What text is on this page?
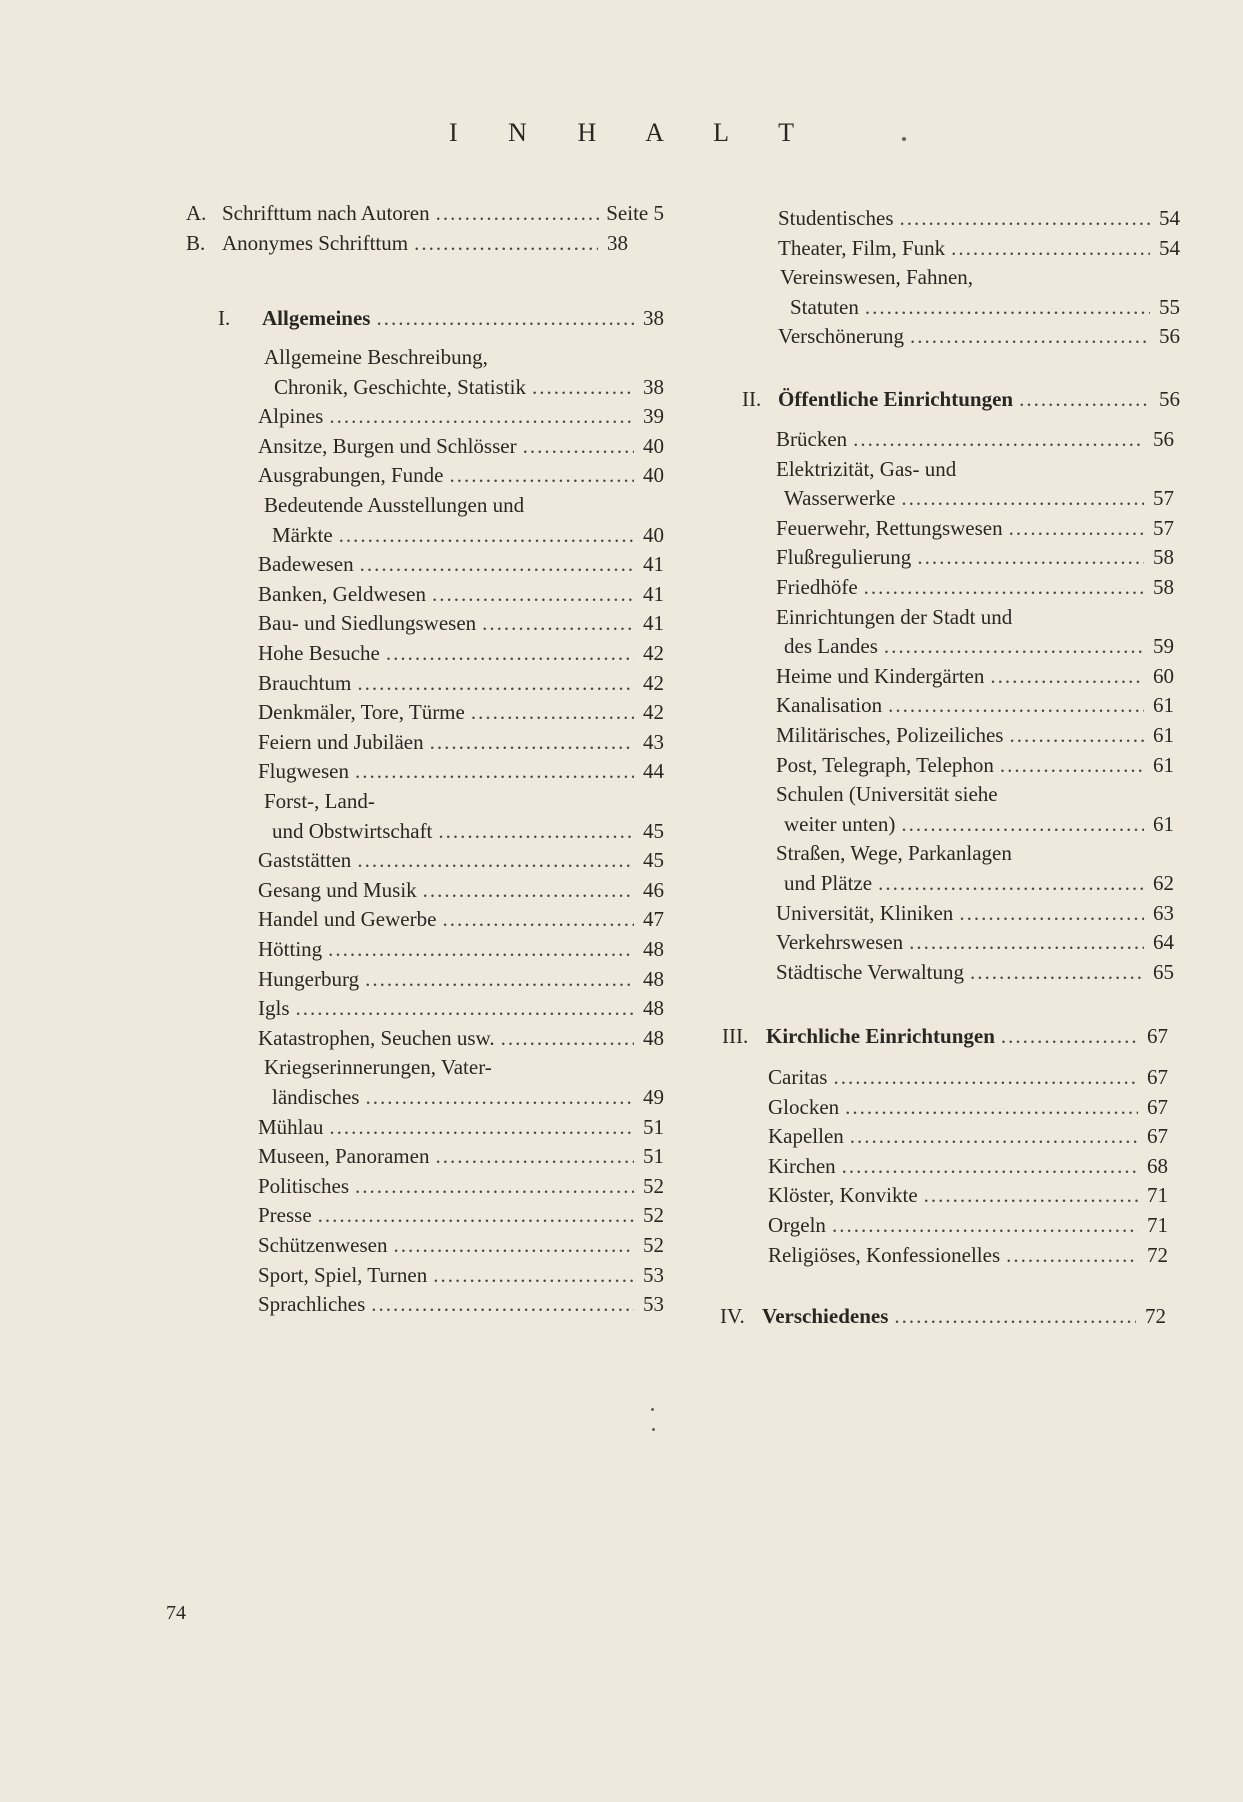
I N H A L T
A. Schrifttum nach Autoren .....	Seite 5
B. Anonymes Schrifttum .....	38
I. Allgemeines .....	38
Allgemeine Beschreibung,
Chronik, Geschichte, Statistik .....	38
Alpines .....	39
Ansitze, Burgen und Schlösser .....	40
Ausgrabungen, Funde .....	40
Bedeutende Ausstellungen und
Märkte .....	40
Badewesen .....	41
Banken, Geldwesen .....	41
Bau- und Siedlungswesen .....	41
Hohe Besuche .....	42
Brauchtum .....	42
Denkmäler, Tore, Türme .....	42
Feiern und Jubiläen .....	43
Flugwesen .....	44
Forst-, Land-
und Obstwirtschaft .....	45
Gaststätten .....	45
Gesang und Musik .....	46
Handel und Gewerbe .....	47
Hötting .....	48
Hungerburg .....	48
Igls .....	48
Katastrophen, Seuchen usw. .....	48
Kriegserinnerungen, Vater-
ländisches .....	49
Mühlau .....	51
Museen, Panoramen .....	51
Politisches .....	52
Presse .....	52
Schützenwesen .....	52
Sport, Spiel, Turnen .....	53
Sprachliches .....	53
Studentisches .....	54
Theater, Film, Funk .....	54
Vereinswesen, Fahnen,
Statuten .....	55
Verschönerung .....	56
II. Öffentliche Einrichtungen .....	56
Brücken .....	56
Elektrizität, Gas- und
Wasserwerke .....	57
Feuerwehr, Rettungswesen .....	57
Flußregulierung .....	58
Friedhöfe .....	58
Einrichtungen der Stadt und
des Landes .....	59
Heime und Kindergärten .....	60
Kanalisation .....	61
Militärisches, Polizeiliches .....	61
Post, Telegraph, Telephon .....	61
Schulen (Universität siehe
weiter unten) .....	61
Straßen, Wege, Parkanlagen
und Plätze .....	62
Universität, Kliniken .....	63
Verkehrswesen .....	64
Städtische Verwaltung .....	65
III. Kirchliche Einrichtungen .....	67
Caritas .....	67
Glocken .....	67
Kapellen .....	67
Kirchen .....	68
Klöster, Konvikte .....	71
Orgeln .....	71
Religiöses, Konfessionelles .....	72
IV. Verschiedenes .....	72
74
